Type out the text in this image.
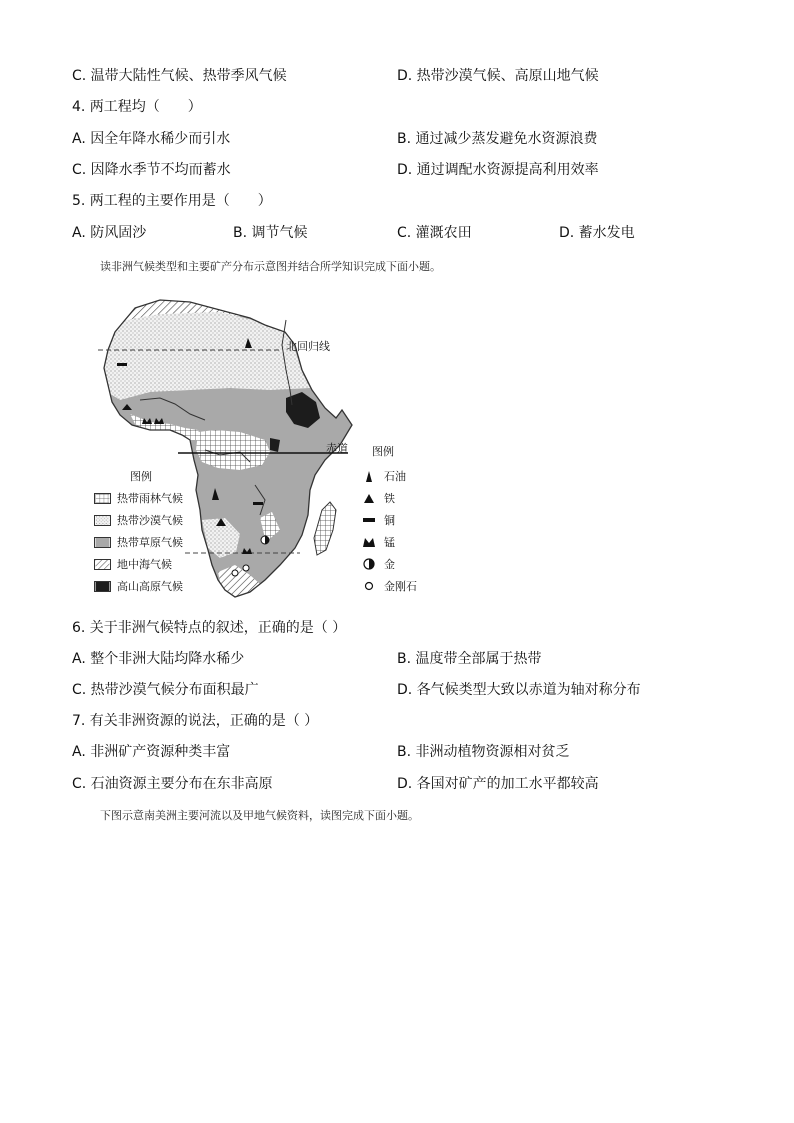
C. 温带大陆性气候、热带季风气候	D. 热带沙漠气候、高原山地气候
4. 两工程均（　　）
A. 因全年降水稀少而引水	B. 通过减少蒸发避免水资源浪费
C. 因降水季节不均而蓄水	D. 通过调配水资源提高利用效率
5. 两工程的主要作用是（　　）
A. 防风固沙	B. 调节气候	C. 灌溉农田	D. 蓄水发电
读非洲气候类型和主要矿产分布示意图并结合所学知识完成下面小题。
北回归线
赤道
图例
热带雨林气候
热带沙漠气候
热带草原气候
地中海气候
高山高原气候
图例
石油
铁
铜
锰
金
金刚石
6. 关于非洲气候特点的叙述，正确的是（ ）
A. 整个非洲大陆均降水稀少	B. 温度带全部属于热带
C. 热带沙漠气候分布面积最广	D. 各气候类型大致以赤道为轴对称分布
7. 有关非洲资源的说法，正确的是（ ）
A. 非洲矿产资源种类丰富	B. 非洲动植物资源相对贫乏
C. 石油资源主要分布在东非高原	D. 各国对矿产的加工水平都较高
下图示意南美洲主要河流以及甲地气候资料，读图完成下面小题。
